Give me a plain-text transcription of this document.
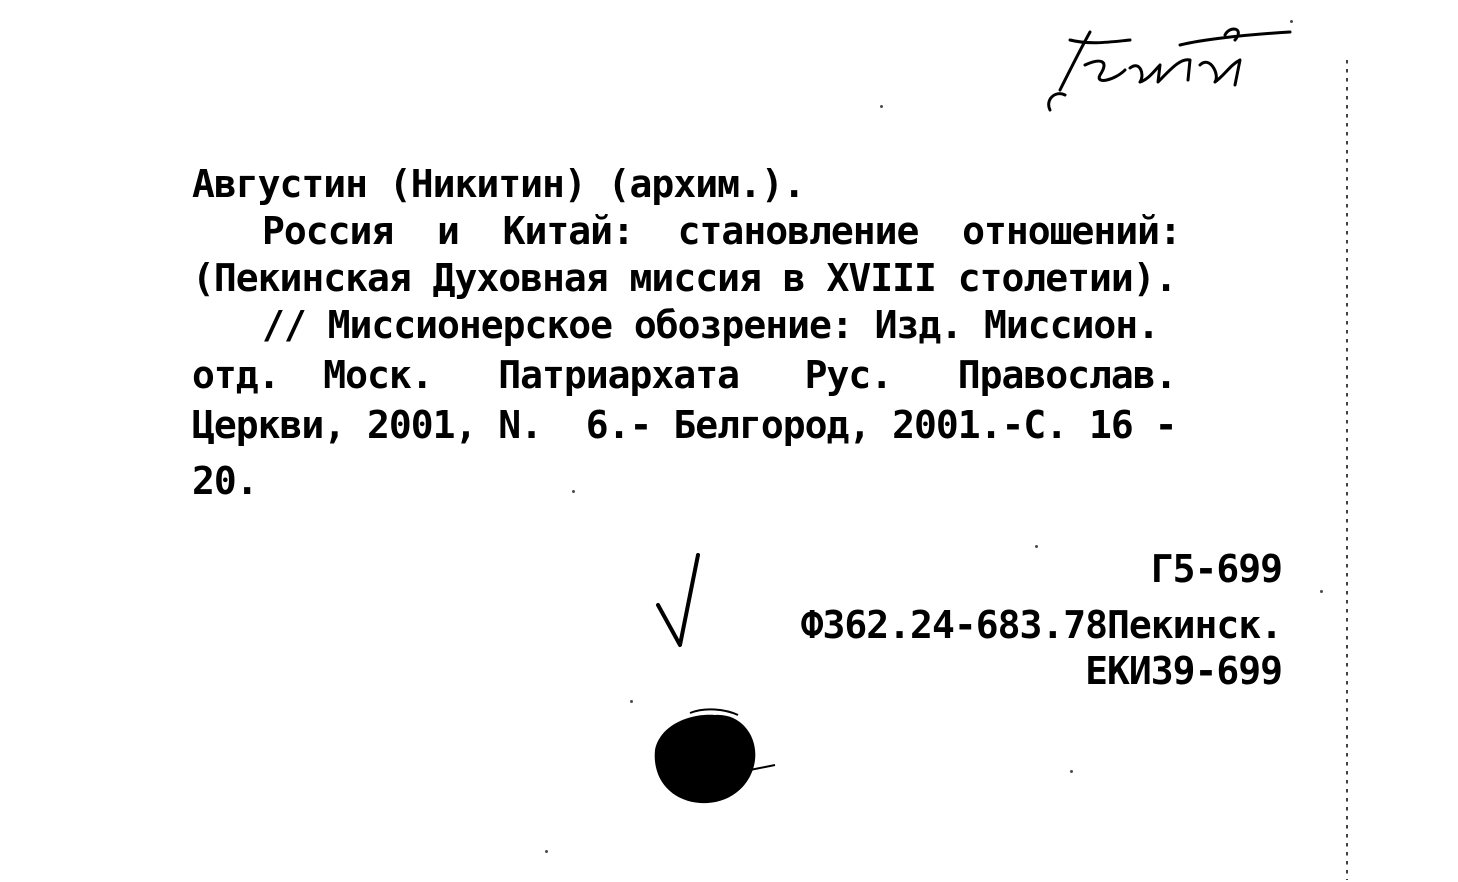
Августин (Никитин) (архим.).
Россия  и  Китай:  становление  отношений:
(Пекинская Духовная миссия в XVIII столетии).
// Миссионерское обозрение: Изд. Миссион.
отд.  Моск.   Патриархата   Рус.   Православ.
Церкви, 2001, N.  6.- Белгород, 2001.-С. 16 -
20.
Г5-699
Ф362.24-683.78Пекинск.
ЕКИ39-699
